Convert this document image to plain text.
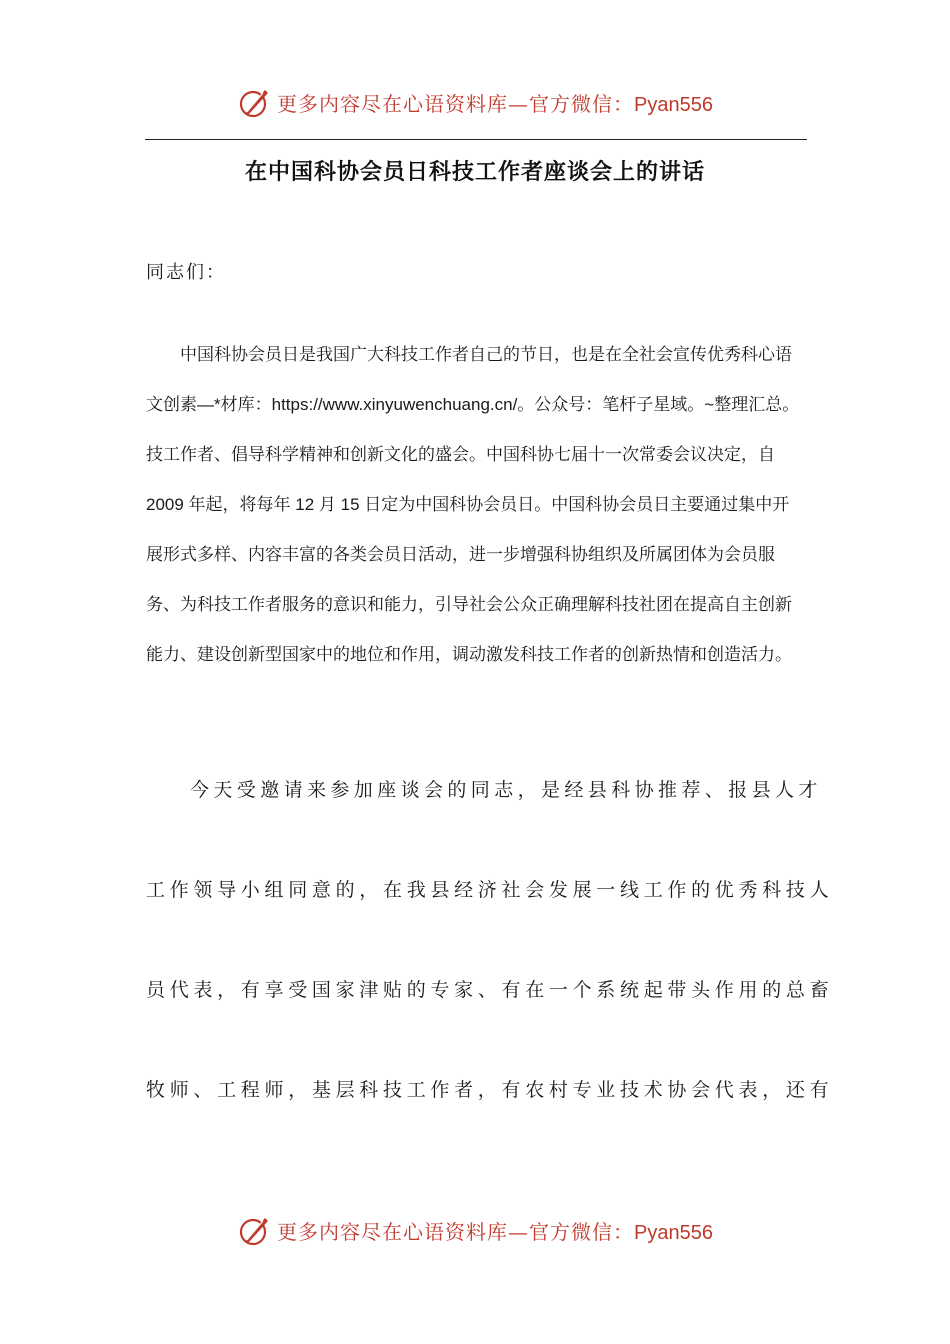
更多内容尽在心语资料库—官方微信：Pyan556
在中国科协会员日科技工作者座谈会上的讲话
同志们：

中国科协会员日是我国广大科技工作者自己的节日，也是在全社会宣传优秀科心语文创素—*材库：https://www.xinyuwenchuang.cn/。公众号：笔杆子星域。~整理汇总。技工作者、倡导科学精神和创新文化的盛会。中国科协七届十一次常委会议决定，自 2009 年起，将每年 12 月 15 日定为中国科协会员日。中国科协会员日主要通过集中开展形式多样、内容丰富的各类会员日活动，进一步增强科协组织及所属团体为会员服务、为科技工作者服务的意识和能力，引导社会公众正确理解科技社团在提高自主创新能力、建设创新型国家中的地位和作用，调动激发科技工作者的创新热情和创造活力。

今天受邀请来参加座谈会的同志，是经县科协推荐、报县人才
工作领导小组同意的，在我县经济社会发展一线工作的优秀科技人
员代表，有享受国家津贴的专家、有在一个系统起带头作用的总畜
牧师、工程师，基层科技工作者，有农村专业技术协会代表，还有
更多内容尽在心语资料库—官方微信：Pyan556
